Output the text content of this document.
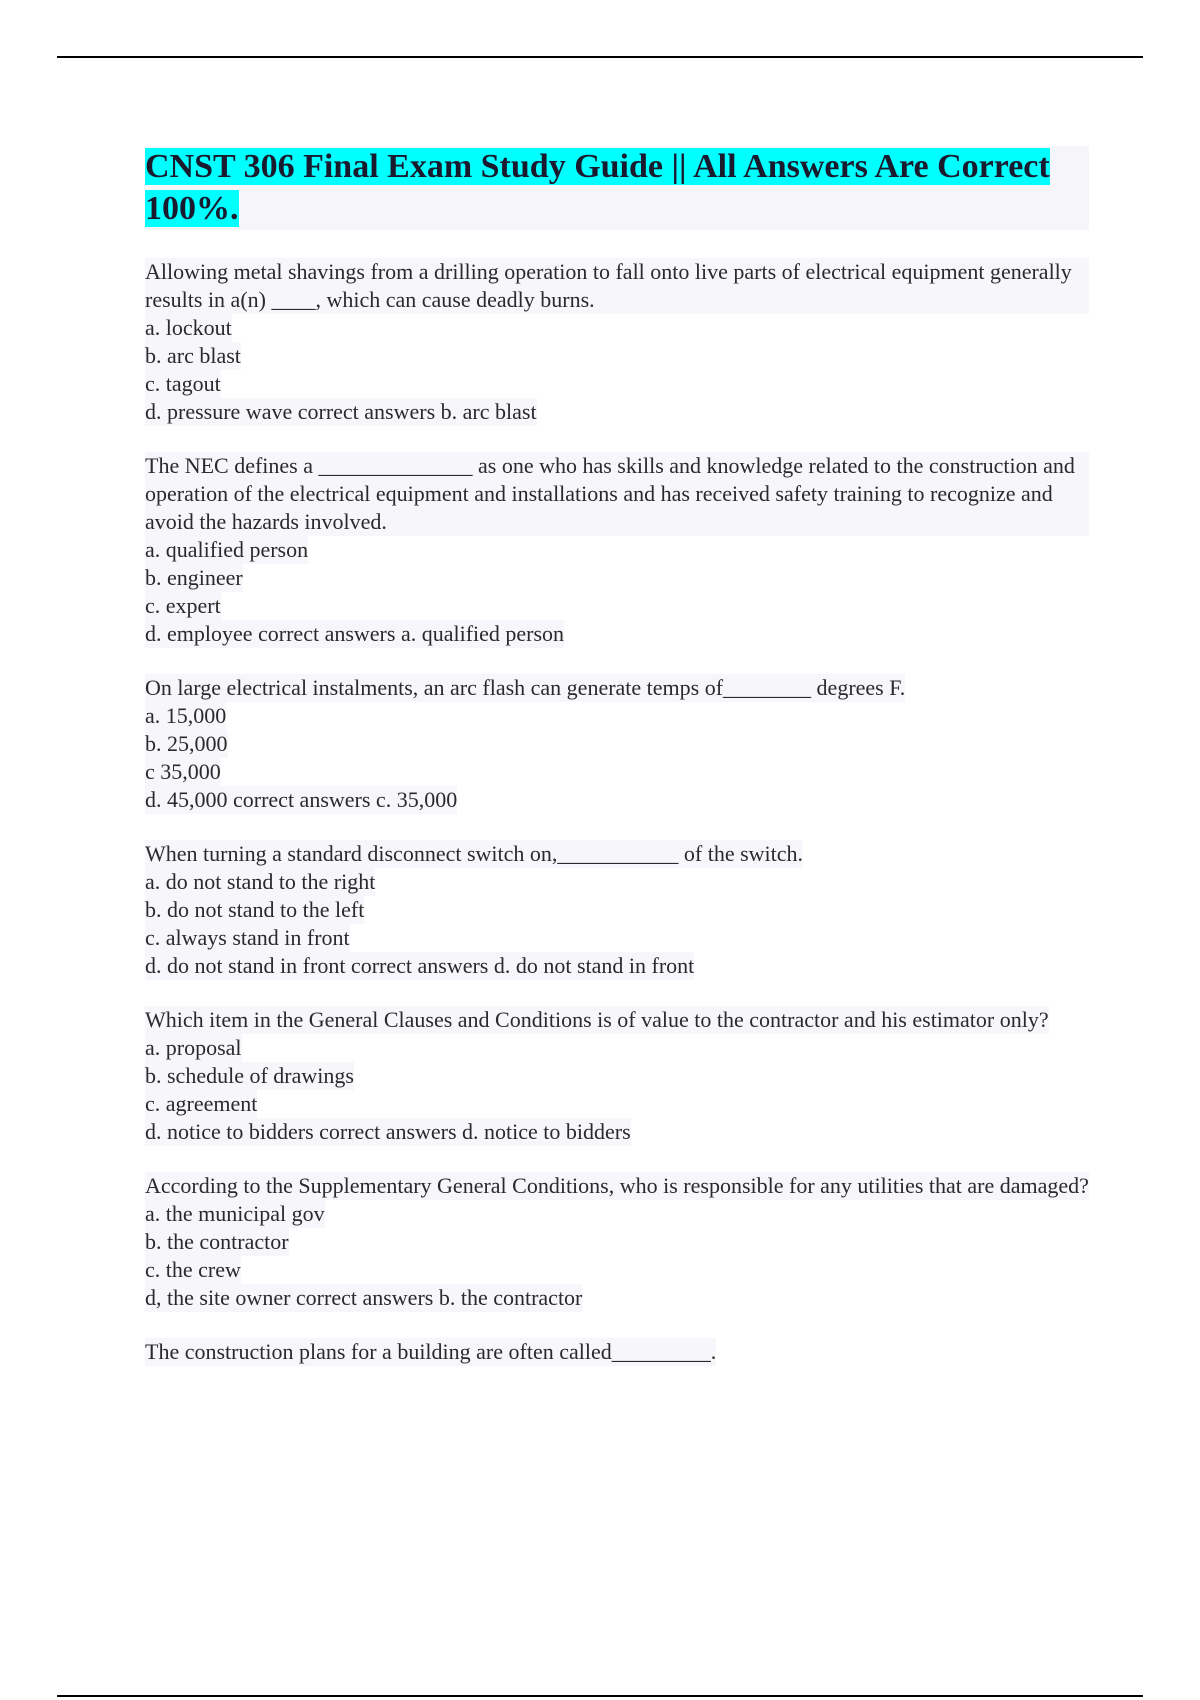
CNST 306 Final Exam Study Guide || All Answers Are Correct 100%.
Allowing metal shavings from a drilling operation to fall onto live parts of electrical equipment generally results in a(n) ____, which can cause deadly burns.
a. lockout
b. arc blast
c. tagout
d. pressure wave correct answers b. arc blast
The NEC defines a ______________ as one who has skills and knowledge related to the construction and operation of the electrical equipment and installations and has received safety training to recognize and avoid the hazards involved.
a. qualified person
b. engineer
c. expert
d. employee correct answers a. qualified person
On large electrical instalments, an arc flash can generate temps of________ degrees F.
a. 15,000
b. 25,000
c 35,000
d. 45,000 correct answers c. 35,000
When turning a standard disconnect switch on,___________ of the switch.
a. do not stand to the right
b. do not stand to the left
c. always stand in front
d. do not stand in front correct answers d. do not stand in front
Which item in the General Clauses and Conditions is of value to the contractor and his estimator only?
a. proposal
b. schedule of drawings
c. agreement
d. notice to bidders correct answers d. notice to bidders
According to the Supplementary General Conditions, who is responsible for any utilities that are damaged?
a. the municipal gov
b. the contractor
c. the crew
d, the site owner correct answers b. the contractor
The construction plans for a building are often called_________.
